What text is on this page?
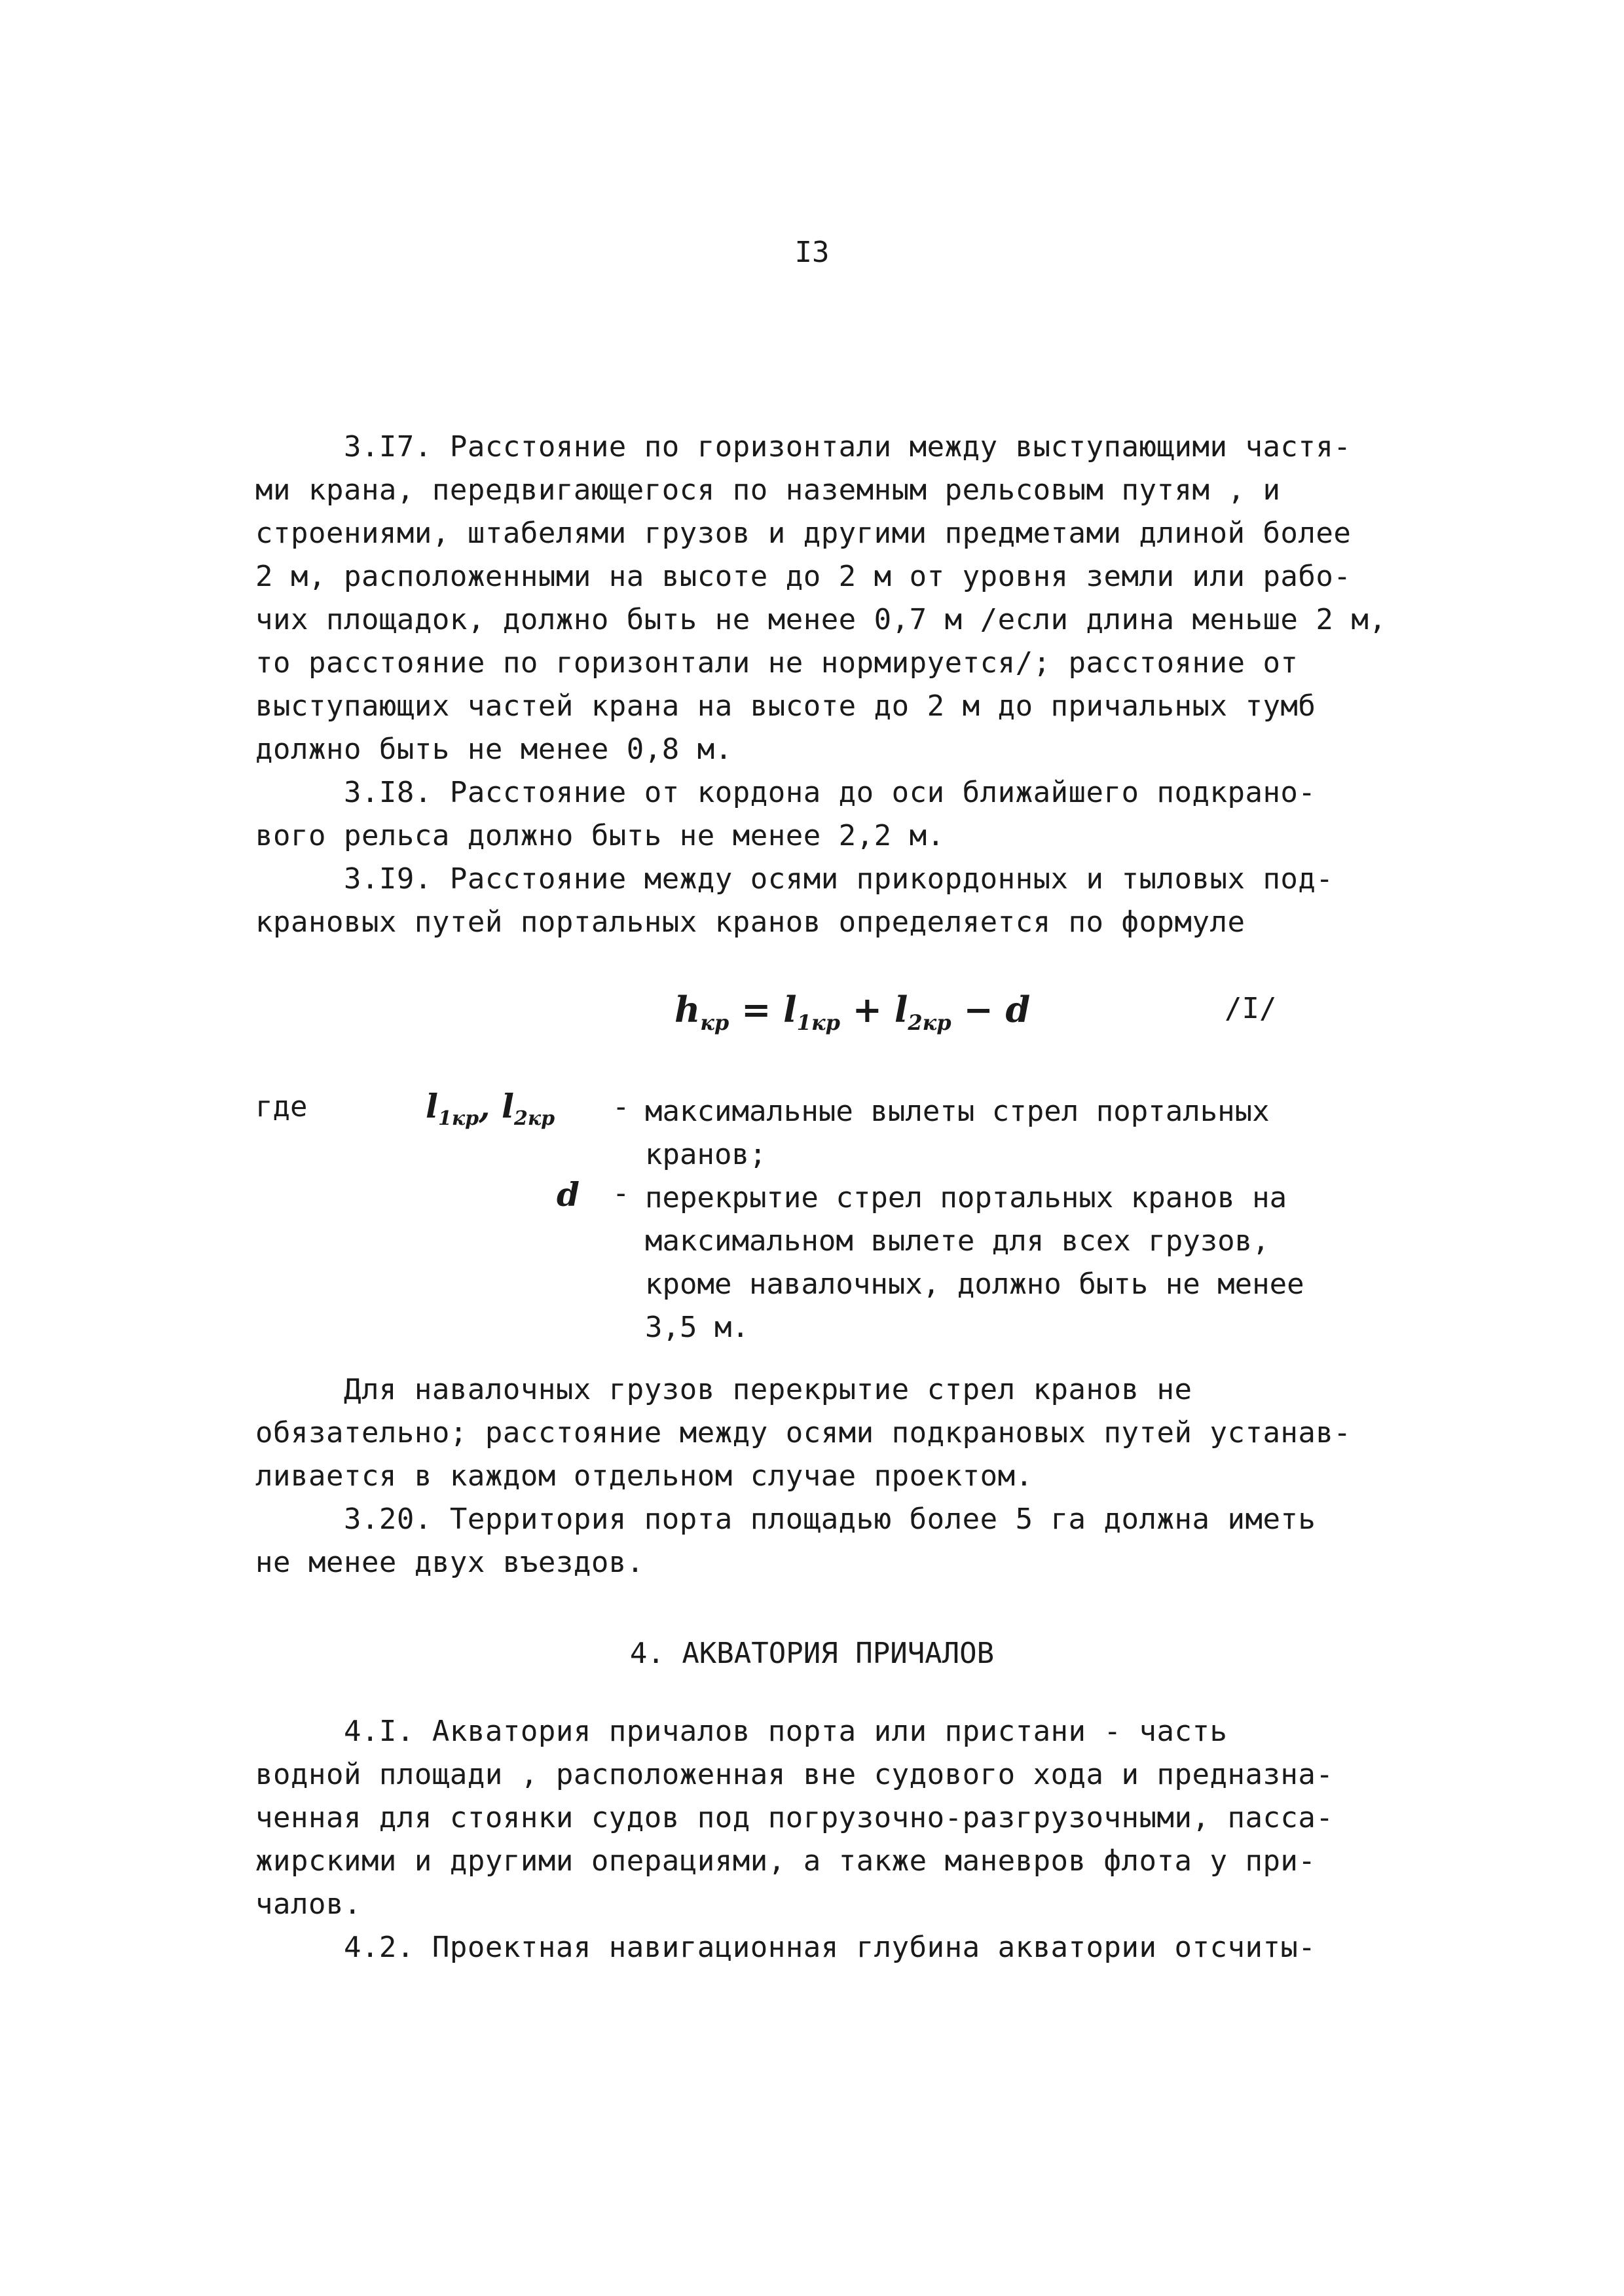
I3
3.I7. Расстояние по горизонтали между выступающими частя-
ми крана, передвигающегося по наземным рельсовым путям , и
строениями, штабелями грузов и другими предметами длиной более
2 м, расположенными на высоте до 2 м от уровня земли или рабо-
чих площадок, должно быть не менее 0,7 м /если длина меньше 2 м,
то расстояние по горизонтали не нормируется/; расстояние от
выступающих частей крана на высоте до 2 м до причальных тумб
должно быть не менее 0,8 м.
3.I8. Расстояние от кордона до оси ближайшего подкрано-
вого рельса должно быть не менее 2,2 м.
3.I9. Расстояние между осями прикордонных и тыловых под-
крановых путей портальных кранов определяется по формуле
$h_{кр} = l_{1кр} + l_{2кр} - d$	/I/
где	$l_{1кр}$, $l_{2кр}$ - максимальные вылеты стрел портальных
кранов;
d - перекрытие стрел портальных кранов на
максимальном вылете для всех грузов,
кроме навалочных, должно быть не менее
3,5 м.
Для навалочных грузов перекрытие стрел кранов не
обязательно; расстояние между осями подкрановых путей устанав-
ливается в каждом отдельном случае проектом.
3.20. Территория порта площадью более 5 га должна иметь
не менее двух въездов.
4. АКВАТОРИЯ ПРИЧАЛОВ
4.I. Акватория причалов порта или пристани - часть
водной площади , расположенная вне судового хода и предназна-
ченная для стоянки судов под погрузочно-разгрузочными, пасса-
жирскими и другими операциями, а также маневров флота у при-
чалов.
4.2. Проектная навигационная глубина акватории отсчиты-
